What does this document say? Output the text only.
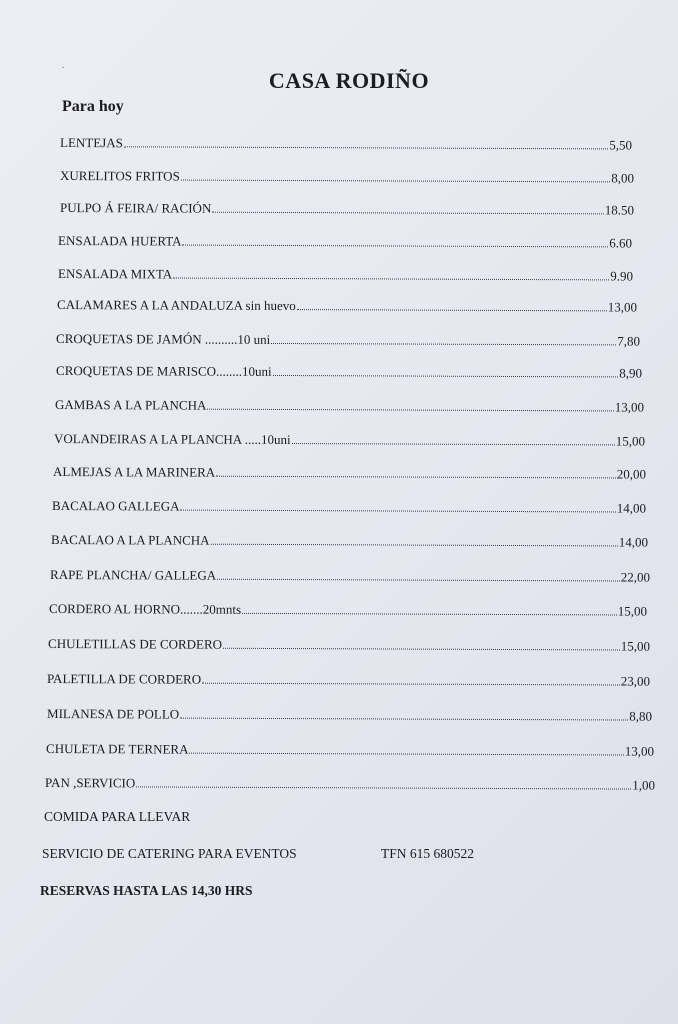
.
CASA RODIÑO
Para hoy
LENTEJAS	5,50
XURELITOS FRITOS	8,00
PULPO Á FEIRA/ RACIÓN	18.50
ENSALADA HUERTA	6.60
ENSALADA MIXTA	9.90
CALAMARES A LA ANDALUZA sin huevo	13,00
CROQUETAS DE JAMÓN ..........10 uni	7,80
CROQUETAS DE MARISCO........10uni	8,90
GAMBAS A LA PLANCHA	13,00
VOLANDEIRAS A LA PLANCHA .....10uni	15,00
ALMEJAS A LA MARINERA	20,00
BACALAO GALLEGA	14,00
BACALAO A LA PLANCHA	14,00
RAPE PLANCHA/ GALLEGA	22,00
CORDERO AL HORNO.......20mnts	15,00
CHULETILLAS DE CORDERO	15,00
PALETILLA DE CORDERO	23,00
MILANESA DE POLLO	8,80
CHULETA DE TERNERA	13,00
PAN ,SERVICIO	1,00
COMIDA PARA LLEVAR
SERVICIO DE CATERING PARA EVENTOS	TFN 615 680522
RESERVAS HASTA LAS 14,30 HRS
